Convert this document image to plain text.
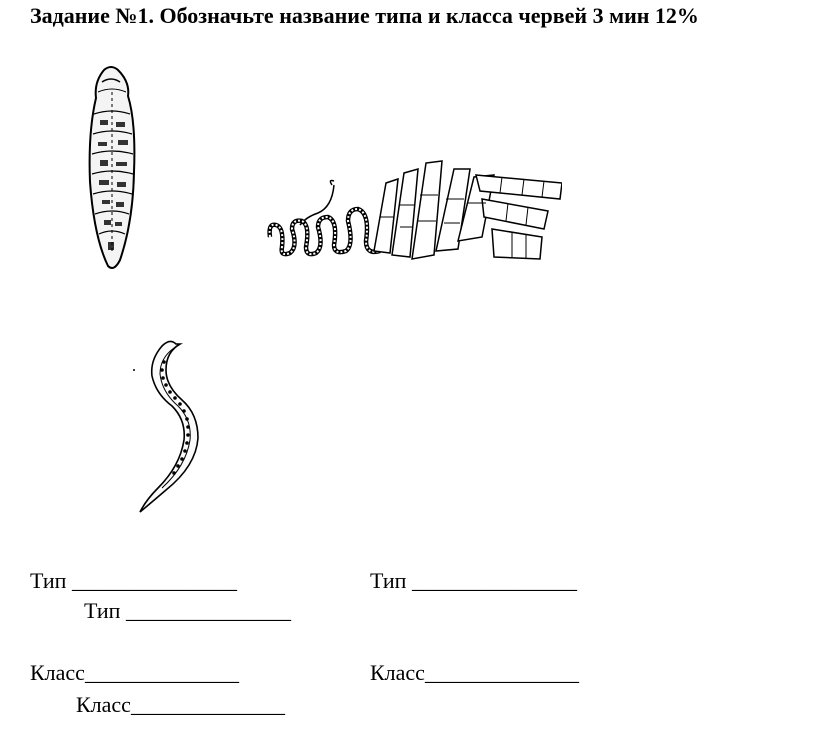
Задание №1. Обозначьте название типа и класса червей 3 мин 12%
Тип _______________	Тип _______________
Тип _______________
Класс______________	Класс______________
Класс______________
